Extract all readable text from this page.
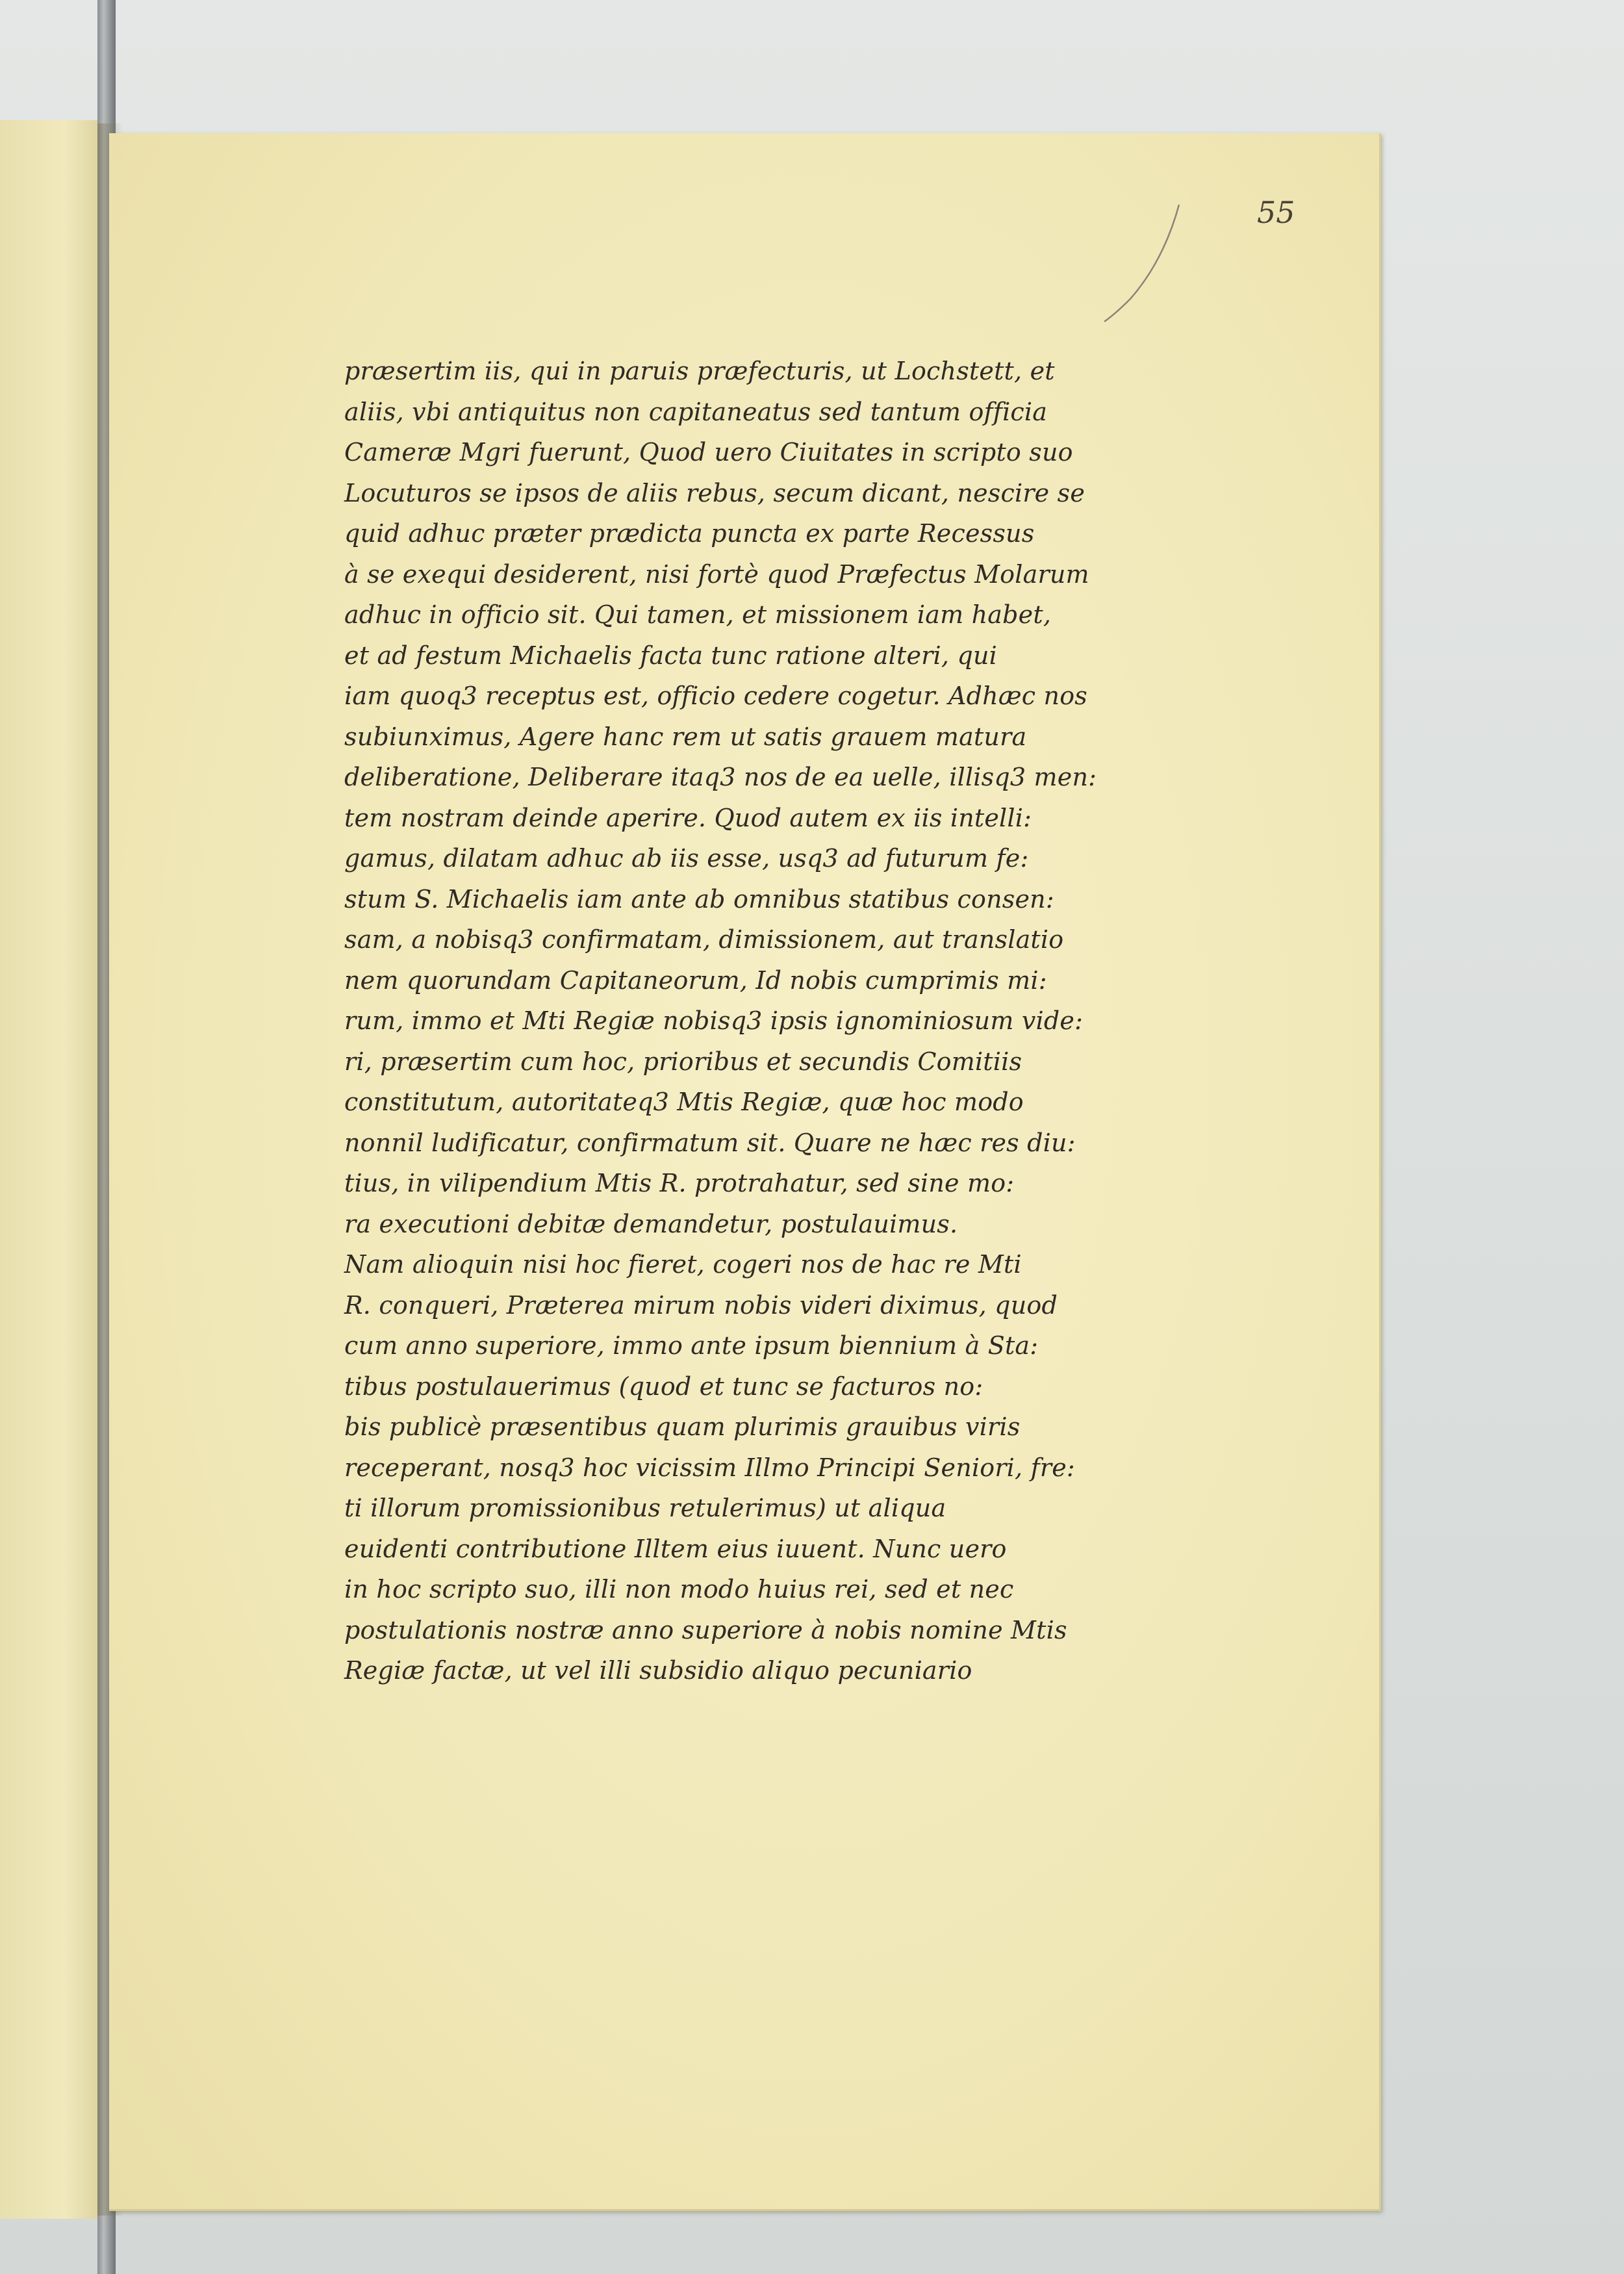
55
præsertim iis, qui in paruis præfecturis, ut Lochstett, et
aliis, vbi antiquitus non capitaneatus sed tantum officia
Cameræ Mgri fuerunt, Quod uero Ciuitates in scripto suo
Locuturos se ipsos de aliis rebus, secum dicant, nescire se
quid adhuc præter prædicta puncta ex parte Recessus
à se exequi desiderent, nisi fortè quod Præfectus Molarum
adhuc in officio sit. Qui tamen, et missionem iam habet,
et ad festum Michaelis facta tunc ratione alteri, qui
iam quoq3 receptus est, officio cedere cogetur. Adhæc nos
subiunximus, Agere hanc rem ut satis grauem matura
deliberatione, Deliberare itaq3 nos de ea uelle, illisq3 men:
tem nostram deinde aperire. Quod autem ex iis intelli:
gamus, dilatam adhuc ab iis esse, usq3 ad futurum fe:
stum S. Michaelis iam ante ab omnibus statibus consen:
sam, a nobisq3 confirmatam, dimissionem, aut translatio
nem quorundam Capitaneorum, Id nobis cumprimis mi:
rum, immo et Mti Regiæ nobisq3 ipsis ignominiosum vide:
ri, præsertim cum hoc, prioribus et secundis Comitiis
constitutum, autoritateq3 Mtis Regiæ, quæ hoc modo
nonnil ludificatur, confirmatum sit. Quare ne hæc res diu:
tius, in vilipendium Mtis R. protrahatur, sed sine mo:
ra executioni debitæ demandetur, postulauimus.
Nam alioquin nisi hoc fieret, cogeri nos de hac re Mti
R. conqueri, Præterea mirum nobis videri diximus, quod
cum anno superiore, immo ante ipsum biennium à Sta:
tibus postulauerimus (quod et tunc se facturos no:
bis publicè præsentibus quam plurimis grauibus viris
receperant, nosq3 hoc vicissim Illmo Principi Seniori, fre:
ti illorum promissionibus retulerimus) ut aliqua
euidenti contributione Illtem eius iuuent. Nunc uero
in hoc scripto suo, illi non modo huius rei, sed et nec
postulationis nostræ anno superiore à nobis nomine Mtis
Regiæ factæ, ut vel illi subsidio aliquo pecuniario
